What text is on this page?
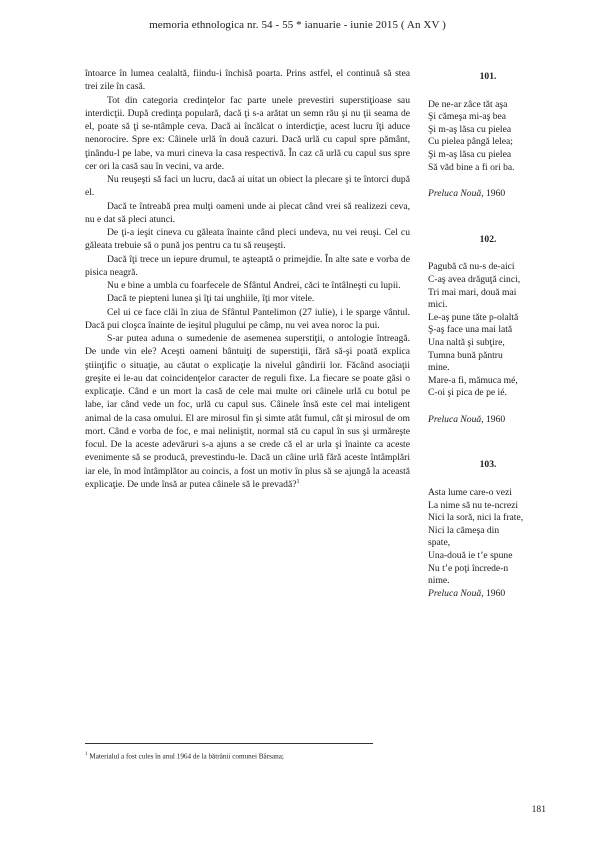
memoria ethnologica nr. 54 - 55 * ianuarie - iunie 2015 ( An XV )

întoarce în lumea cealaltă, fiindu-i închisă poarta. Prins astfel, el continuă să stea trei zile în casă.

Tot din categoria credinţelor fac parte unele prevestiri superstiţioase sau interdicţii. După credinţa populară, dacă ţi s-a arătat un semn rău şi nu ţii seama de el, poate să ţi se-ntâmple ceva. Dacă ai încălcat o interdicţie, acest lucru îţi aduce nenorocire. Spre ex: Câinele urlă în două cazuri. Dacă urlă cu capul spre pământ, ţinându-l pe labe, va muri cineva la casa respectivă. În caz că urlă cu capul sus spre cer ori la casă sau în vecini, va arde.

Nu reuşeşti să faci un lucru, dacă ai uitat un obiect la plecare şi te întorci după el.

Dacă te întreabă prea mulţi oameni unde ai plecat când vrei să realizezi ceva, nu e dat să pleci atunci.

De ţi-a ieşit cineva cu găleata înainte când pleci undeva, nu vei reuşi. Cel cu găleata trebuie să o pună jos pentru ca tu să reuşeşti.

Dacă îţi trece un iepure drumul, te aşteaptă o primejdie. În alte sate e vorba de pisica neagră.

Nu e bine a umbla cu foarfecele de Sfântul Andrei, căci te întâlneşti cu lupii.

Dacă te piepteni lunea şi îţi tai unghiile, îţi mor vitele.

Cel ui ce face clăi în ziua de Sfântul Pantelimon (27 iulie), i le sparge vântul. Dacă pui cloşca înainte de ieşitul plugului pe câmp, nu vei avea noroc la pui.

S-ar putea aduna o sumedenie de asemenea superstiţii, o antologie întreagă. De unde vin ele? Aceşti oameni bântuiţi de superstiţii, fără să-şi poată explica ştiinţific o situaţie, au căutat o explicaţie la nivelul gândirii lor. Făcând asociaţii greşite ei le-au dat coincidenţelor caracter de reguli fixe. La fiecare se poate găsi o explicaţie. Când e un mort la casă de cele mai multe ori câinele urlă cu botul pe labe, iar când vede un foc, urlă cu capul sus. Câinele însă este cel mai inteligent animal de la casa omului. El are mirosul fin şi simte atât fumul, cât şi mirosul de om mort. Când e vorba de foc, e mai neliniştit, normal stă cu capul în sus şi urmăreşte focul. De la aceste adevăruri s-a ajuns a se crede că el ar urla şi înainte ca aceste evenimente să se producă, prevestindu-le. Dacă un câine urlă fără aceste întâmplări iar ele, în mod întâmplător au coincis, a fost un motiv în plus să se ajungă la această explicaţie. De unde însă ar putea câinele să le prevadă?$^1$

101.
De ne-ar zâce tăt aşa
Şi cămeşa mi-aş bea
Şi m-aş lăsa cu pielea
Cu pielea pângă lelea;
Şi m-aş lăsa cu pielea
Să văd bine a fi ori ba.
Preluca Nouă, 1960
102.
Pagubă că nu-s de-aici
C-aş avea drăguţă cinci,
Tri mai mari, două mai
mici.
Le-aş pune tăte p-olaltă
Ş-aş face una mai lată
Una naltă şi subţire,
Tumna bună păntru
mine.
Mare-a fi, mămuca mé,
C-oi şi pica de pe ié.
Preluca Nouă, 1960
103.
Asta lume care-o vezi
La nime să nu te-ncrezi
Nici la soră, nici la frate,
Nici la cămeşa din
spate,
Una-două ie t’e spune
Nu t’e poţi încrede-n
nime.
Preluca Nouă, 1960
$^1$ Materialul a fost cules în anul 1964 de la bătrânii comunei Bârsana;
181
